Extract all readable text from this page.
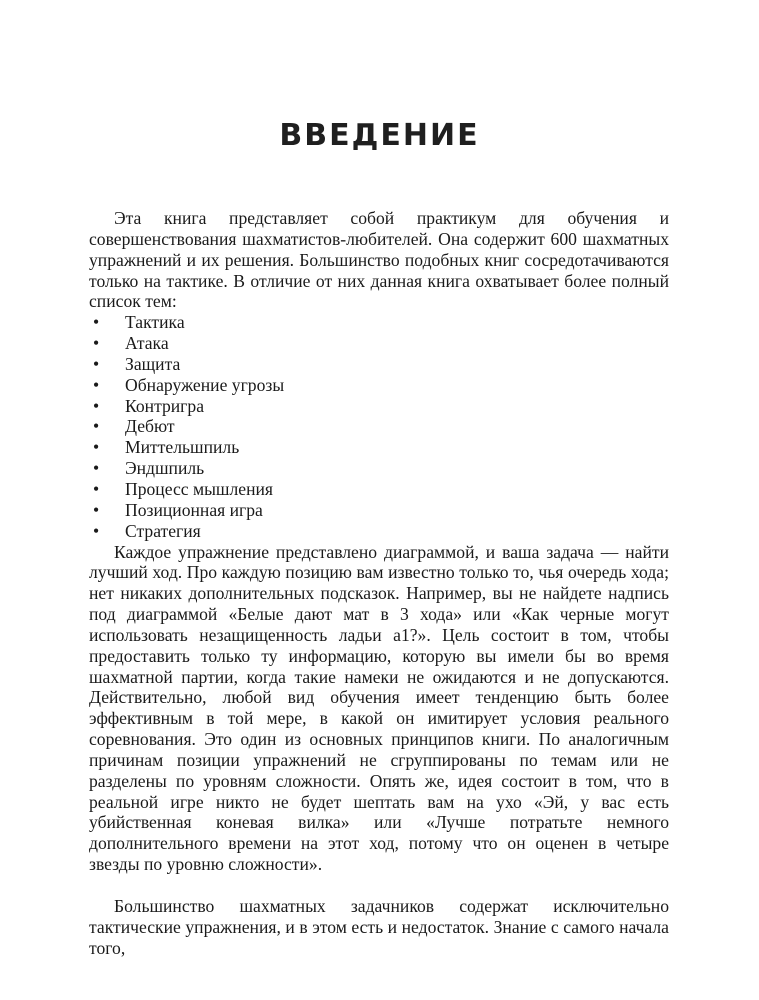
ВВЕДЕНИЕ

Эта книга представляет собой практикум для обучения и совершенствования шахматистов-любителей. Она содержит 600 шахматных упражнений и их решения. Большинство подобных книг сосредотачиваются только на тактике. В отличие от них данная книга охватывает более полный список тем:

• Тактика
• Атака
• Защита
• Обнаружение угрозы
• Контригра
• Дебют
• Миттельшпиль
• Эндшпиль
• Процесс мышления
• Позиционная игра
• Стратегия

Каждое упражнение представлено диаграммой, и ваша задача — найти лучший ход. Про каждую позицию вам известно только то, чья очередь хода; нет никаких дополнительных подсказок. Например, вы не найдете надпись под диаграммой «Белые дают мат в 3 хода» или «Как черные могут использовать незащищенность ладьи а1?». Цель состоит в том, чтобы предоставить только ту информацию, которую вы имели бы во время шахматной партии, когда такие намеки не ожидаются и не допускаются. Действительно, любой вид обучения имеет тенденцию быть более эффективным в той мере, в какой он имитирует условия реального соревнования. Это один из основных принципов книги. По аналогичным причинам позиции упражнений не сгруппированы по темам или не разделены по уровням сложности. Опять же, идея состоит в том, что в реальной игре никто не будет шептать вам на ухо «Эй, у вас есть убийственная коневая вилка» или «Лучше потратьте немного дополнительного времени на этот ход, потому что он оценен в четыре звезды по уровню сложности».

Большинство шахматных задачников содержат исключительно тактические упражнения, и в этом есть и недостаток. Знание с самого начала того,
